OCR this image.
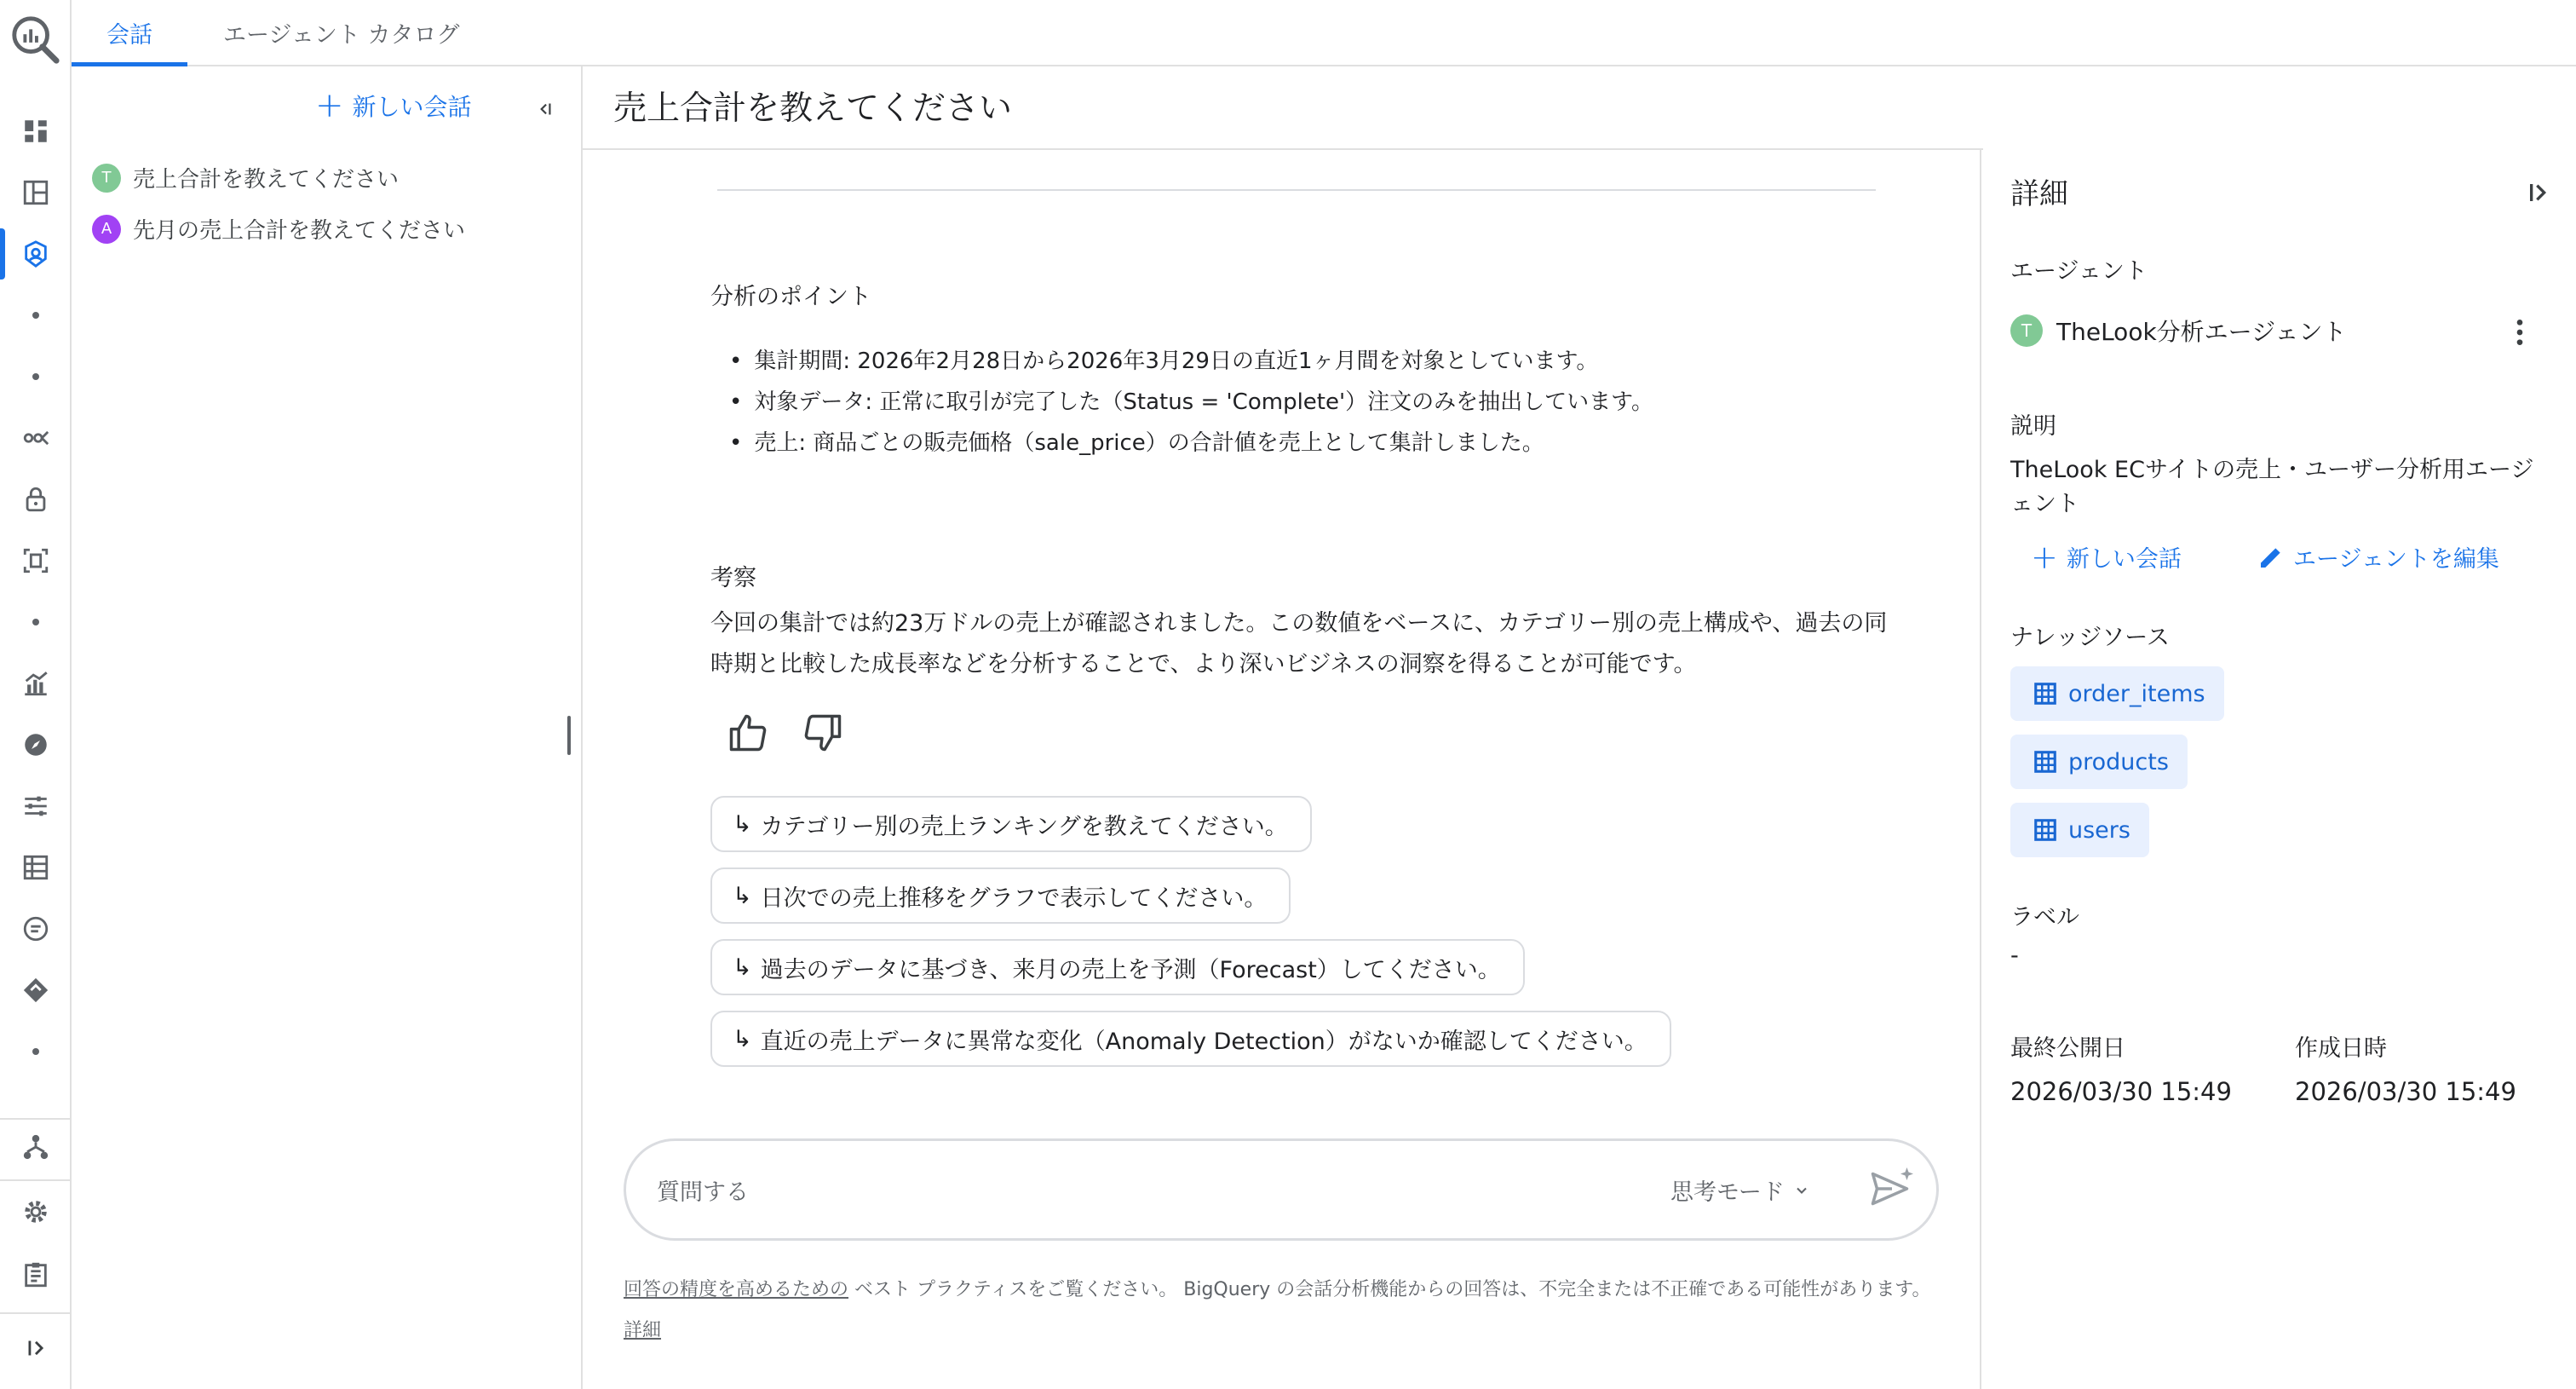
会話	エージェント カタログ
+ 新しい会話
T 売上合計を教えてください
A 先月の売上合計を教えてください
売上合計を教えてください
分析のポイント
• 集計期間: 2026年2月28日から2026年3月29日の直近1ヶ月間を対象としています。
• 対象データ: 正常に取引が完了した（Status = 'Complete'）注文のみを抽出しています。
• 売上: 商品ごとの販売価格（sale_price）の合計値を売上として集計しました。
考察
今回の集計では約23万ドルの売上が確認されました。この数値をベースに、カテゴリー別の売上構成や、過去の同時期と比較した成長率などを分析することで、より深いビジネスの洞察を得ることが可能です。
↳ カテゴリー別の売上ランキングを教えてください。
↳ 日次での売上推移をグラフで表示してください。
↳ 過去のデータに基づき、来月の売上を予測（Forecast）してください。
↳ 直近の売上データに異常な変化（Anomaly Detection）がないか確認してください。
質問する	思考モード
回答の精度を高めるための ベスト プラクティスをご覧ください。 BigQuery の会話分析機能からの回答は、不完全または不正確である可能性があります。
詳細
詳細
エージェント
T	TheLook分析エージェント
説明
TheLook ECサイトの売上・ユーザー分析用エージェント
+ 新しい会話	エージェントを編集
ナレッジソース
order_items
products
users
ラベル
-
最終公開日
2026/03/30 15:49
作成日時
2026/03/30 15:49
